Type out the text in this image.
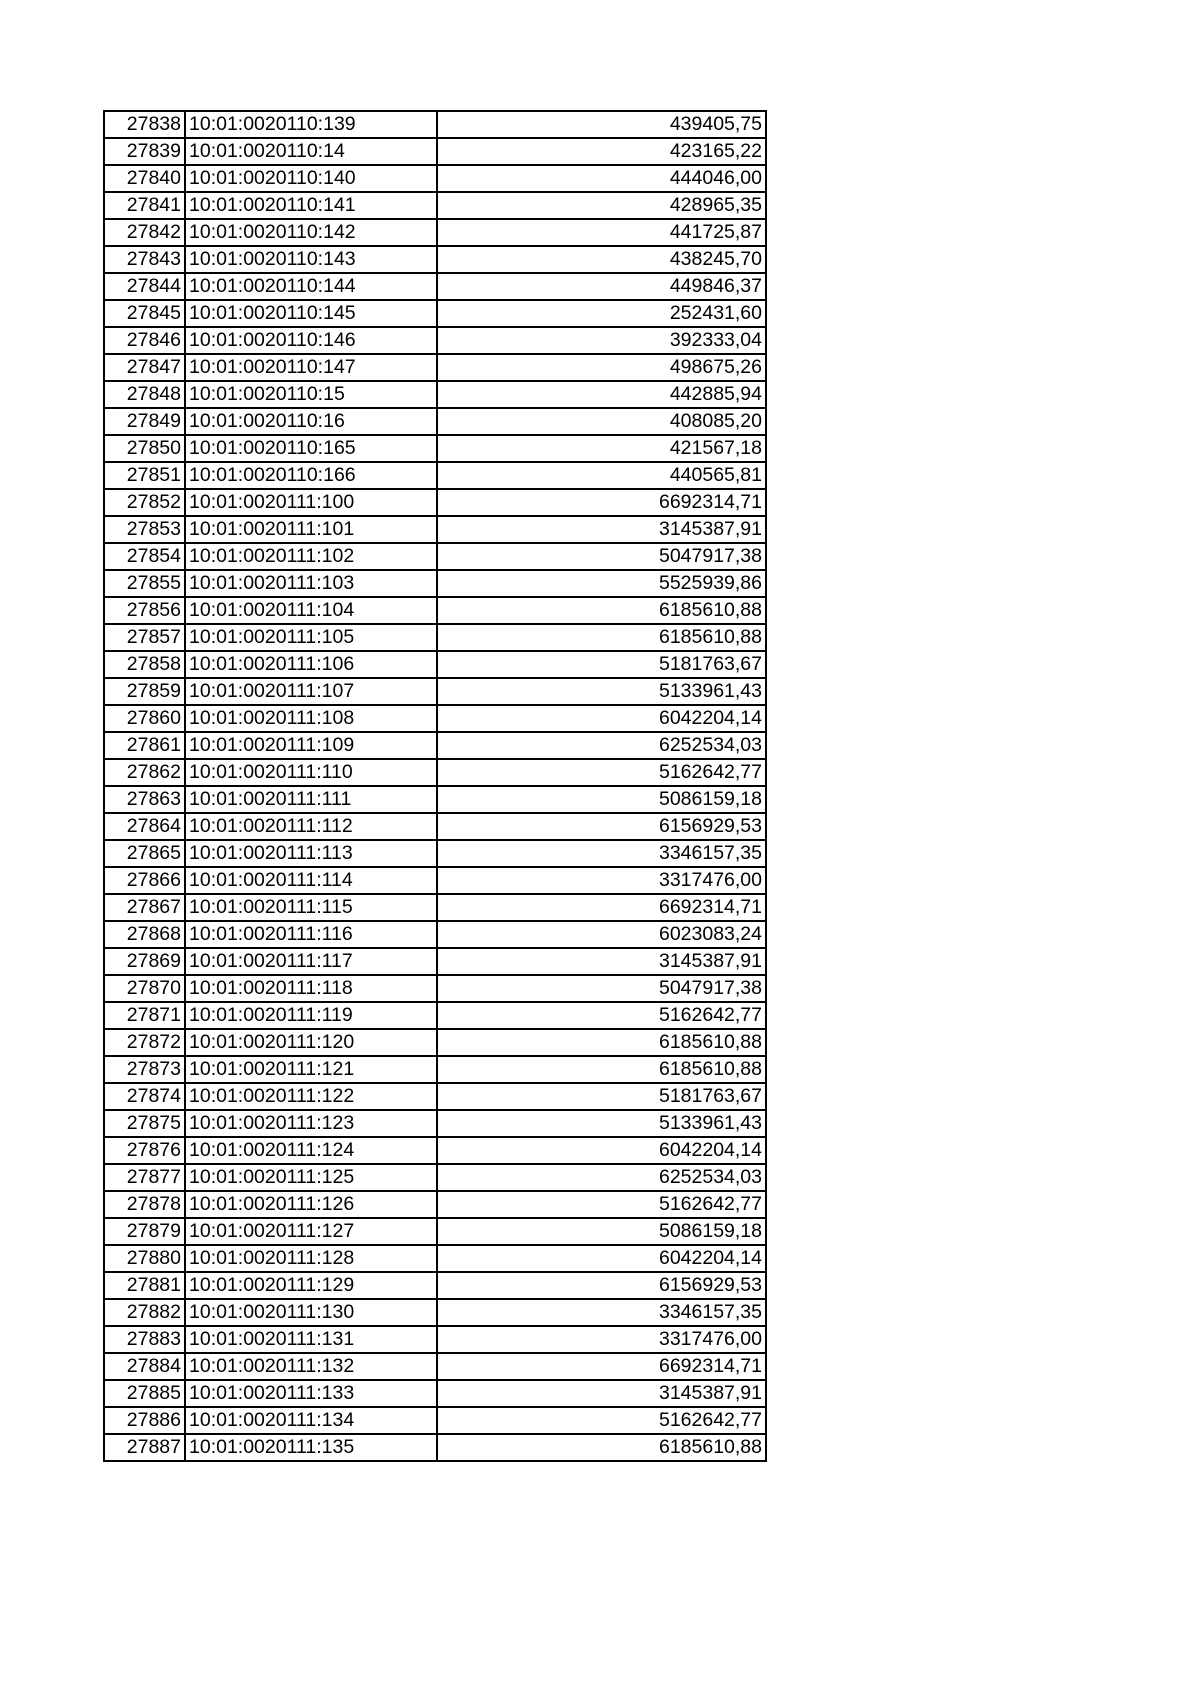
27838	10:01:0020110:139	439405,75
27839	10:01:0020110:14	423165,22
27840	10:01:0020110:140	444046,00
27841	10:01:0020110:141	428965,35
27842	10:01:0020110:142	441725,87
27843	10:01:0020110:143	438245,70
27844	10:01:0020110:144	449846,37
27845	10:01:0020110:145	252431,60
27846	10:01:0020110:146	392333,04
27847	10:01:0020110:147	498675,26
27848	10:01:0020110:15	442885,94
27849	10:01:0020110:16	408085,20
27850	10:01:0020110:165	421567,18
27851	10:01:0020110:166	440565,81
27852	10:01:0020111:100	6692314,71
27853	10:01:0020111:101	3145387,91
27854	10:01:0020111:102	5047917,38
27855	10:01:0020111:103	5525939,86
27856	10:01:0020111:104	6185610,88
27857	10:01:0020111:105	6185610,88
27858	10:01:0020111:106	5181763,67
27859	10:01:0020111:107	5133961,43
27860	10:01:0020111:108	6042204,14
27861	10:01:0020111:109	6252534,03
27862	10:01:0020111:110	5162642,77
27863	10:01:0020111:111	5086159,18
27864	10:01:0020111:112	6156929,53
27865	10:01:0020111:113	3346157,35
27866	10:01:0020111:114	3317476,00
27867	10:01:0020111:115	6692314,71
27868	10:01:0020111:116	6023083,24
27869	10:01:0020111:117	3145387,91
27870	10:01:0020111:118	5047917,38
27871	10:01:0020111:119	5162642,77
27872	10:01:0020111:120	6185610,88
27873	10:01:0020111:121	6185610,88
27874	10:01:0020111:122	5181763,67
27875	10:01:0020111:123	5133961,43
27876	10:01:0020111:124	6042204,14
27877	10:01:0020111:125	6252534,03
27878	10:01:0020111:126	5162642,77
27879	10:01:0020111:127	5086159,18
27880	10:01:0020111:128	6042204,14
27881	10:01:0020111:129	6156929,53
27882	10:01:0020111:130	3346157,35
27883	10:01:0020111:131	3317476,00
27884	10:01:0020111:132	6692314,71
27885	10:01:0020111:133	3145387,91
27886	10:01:0020111:134	5162642,77
27887	10:01:0020111:135	6185610,88
